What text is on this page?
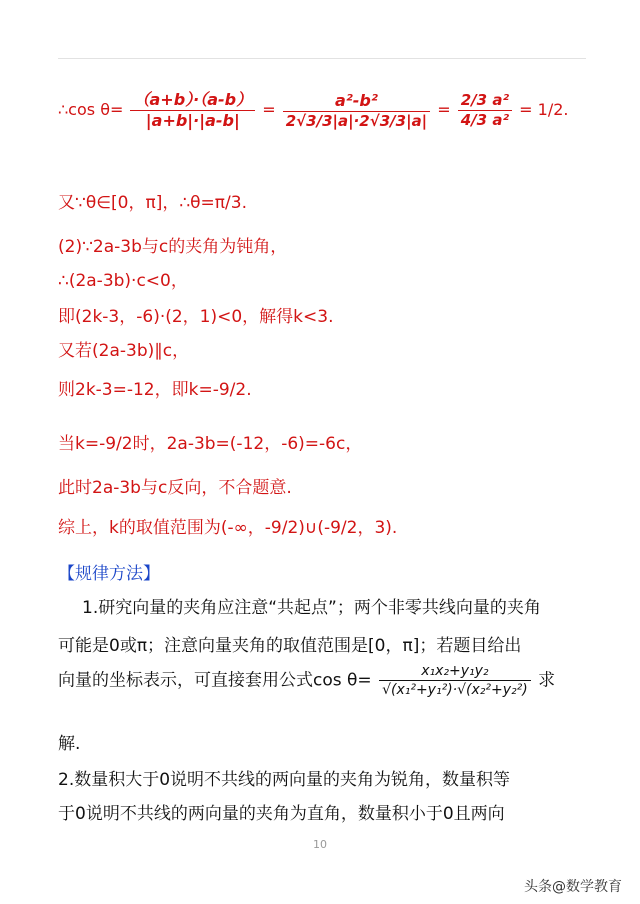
∴cos $\theta= \frac{(a+b)\cdot(a-b)}{|a+b|\cdot|a-b|} = \frac{\text{a²-b²}}{2√3/3|a|\cdot 2√3/3|a|} = \frac{\text{2/3 a²}}{\text{4/3 a²}} = 1/2$.
又∵θ∈[0，π]，∴θ=π/3.
(2)∵2a-3b与c的夹角为钝角，
∴(2a-3b)·c<0，
即(2k-3，-6)·(2，1)<0，解得k<3.
又若(2a-3b)∥c，
则2k-3=-12，即k=-9/2.
当k=-9/2时，2a-3b=(-12，-6)=-6c，
此时2a-3b与c反向，不合题意.
综上，k的取值范围为(-∞，-9/2)∪(-9/2，3).
【规律方法】
1.研究向量的夹角应注意“共起点”；两个非零共线向量的夹角
可能是0或π；注意向量夹角的取值范围是[0，π]；若题目给出
向量的坐标表示，可直接套用公式$\cos \theta= \frac{\text{x₁x₂+y₁y₂}}{\text{√(x₁²+y₁²)·√(x₂²+y₂²)}}$ 求
解.
2.数量积大于0说明不共线的两向量的夹角为锐角，数量积等
于0说明不共线的两向量的夹角为直角，数量积小于0且两向
10
头条@数学教育
